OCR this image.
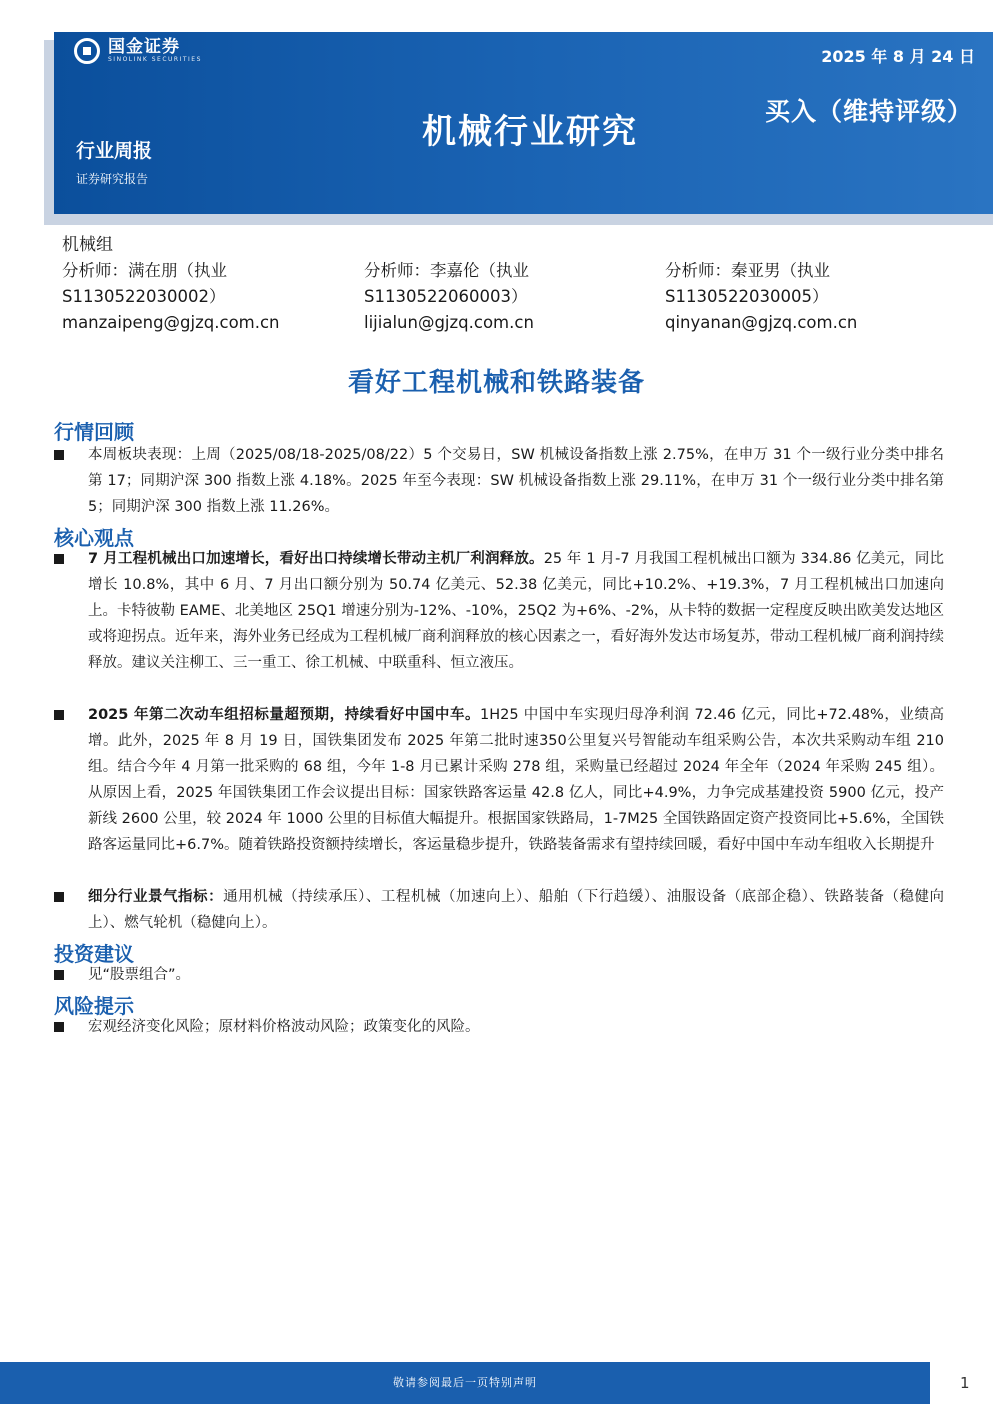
国金证券
SINOLINK SECURITIES	2025 年 8 月 24 日
买入（维持评级）
机械行业研究
行业周报
证券研究报告
机械组
分析师：满在朋（执业
S1130522030002）
manzaipeng@gjzq.com.cn
分析师：李嘉伦（执业
S1130522060003）
lijialun@gjzq.com.cn
分析师：秦亚男（执业
S1130522030005）
qinyanan@gjzq.com.cn
看好工程机械和铁路装备
行情回顾
本周板块表现：上周（2025/08/18-2025/08/22）5 个交易日，SW 机械设备指数上涨 2.75%，在申万 31 个一级行业分类中排名第 17；同期沪深 300 指数上涨 4.18%。2025 年至今表现：SW 机械设备指数上涨 29.11%，在申万 31 个一级行业分类中排名第 5；同期沪深 300 指数上涨 11.26%。
核心观点
7 月工程机械出口加速增长，看好出口持续增长带动主机厂利润释放。25 年 1 月-7 月我国工程机械出口额为 334.86 亿美元，同比增长 10.8%，其中 6 月、7 月出口额分别为 50.74 亿美元、52.38 亿美元，同比+10.2%、+19.3%，7 月工程机械出口加速向上。卡特彼勒 EAME、北美地区 25Q1 增速分别为-12%、-10%，25Q2 为+6%、-2%，从卡特的数据一定程度反映出欧美发达地区或将迎拐点。近年来，海外业务已经成为工程机械厂商利润释放的核心因素之一，看好海外发达市场复苏，带动工程机械厂商利润持续释放。建议关注柳工、三一重工、徐工机械、中联重科、恒立液压。
2025 年第二次动车组招标量超预期，持续看好中国中车。1H25 中国中车实现归母净利润 72.46 亿元，同比+72.48%，业绩高增。此外，2025 年 8 月 19 日，国铁集团发布 2025 年第二批时速350公里复兴号智能动车组采购公告，本次共采购动车组 210 组。结合今年 4 月第一批采购的 68 组，今年 1-8 月已累计采购 278 组，采购量已经超过 2024 年全年（2024 年采购 245 组）。从原因上看，2025 年国铁集团工作会议提出目标：国家铁路客运量 42.8 亿人，同比+4.9%，力争完成基建投资 5900 亿元，投产新线 2600 公里，较 2024 年 1000 公里的目标值大幅提升。根据国家铁路局，1-7M25 全国铁路固定资产投资同比+5.6%，全国铁路客运量同比+6.7%。随着铁路投资额持续增长，客运量稳步提升，铁路装备需求有望持续回暖，看好中国中车动车组收入长期提升
细分行业景气指标：通用机械（持续承压）、工程机械（加速向上）、船舶（下行趋缓）、油服设备（底部企稳）、铁路装备（稳健向上）、燃气轮机（稳健向上）。
投资建议
见“股票组合”。
风险提示
宏观经济变化风险；原材料价格波动风险；政策变化的风险。
敬请参阅最后一页特别声明	1
